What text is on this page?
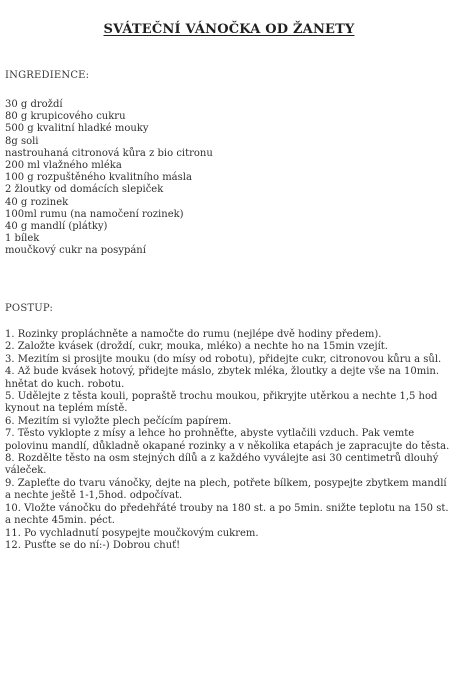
SVÁTEČNÍ VÁNOČKA OD ŽANETY
INGREDIENCE:
30 g droždí
80 g krupicového cukru
500 g kvalitní hladké mouky
8g soli
nastrouhaná citronová kůra z bio citronu
200 ml vlažného mléka
100 g rozpuštěného kvalitního másla
2 žloutky od domácích slepiček
40 g rozinek
100ml rumu (na namočení rozinek)
40 g mandlí (plátky)
1 bílek
moučkový cukr na posypání
POSTUP:
1. Rozinky propláchněte a namočte do rumu (nejlépe dvě hodiny předem).
2. Založte kvásek (droždí, cukr, mouka, mléko) a nechte ho na 15min vzejít.
3. Mezitím si prosijte mouku (do mísy od robotu), přidejte cukr, citronovou kůru a sůl.
4. Až bude kvásek hotový, přidejte máslo, zbytek mléka, žloutky a dejte vše na 10min. hnětat do kuch. robotu.
5. Udělejte z těsta kouli, popraště trochu moukou, přikryjte utěrkou a nechte 1,5 hod kynout na teplém místě.
6. Mezitím si vyložte plech pečícím papírem.
7. Těsto vyklopte z mísy a lehce ho prohněťte, abyste vytlačili vzduch. Pak vemte polovinu mandlí, důkladně okapané rozinky a v několika etapách je zapracujte do těsta.
8. Rozdělte těsto na osm stejných dílů a z každého vyválejte asi 30 centimetrů dlouhý váleček.
9. Zapleťte do tvaru vánočky, dejte na plech, potřete bílkem, posypejte zbytkem mandlí a nechte ještě 1-1,5hod. odpočívat.
10. Vložte vánočku do předehřáté trouby na 180 st. a po 5min. snižte teplotu na 150 st. a nechte 45min. péct.
11. Po vychladnutí posypejte moučkovým cukrem.
12. Pusťte se do ní:-) Dobrou chuť!
